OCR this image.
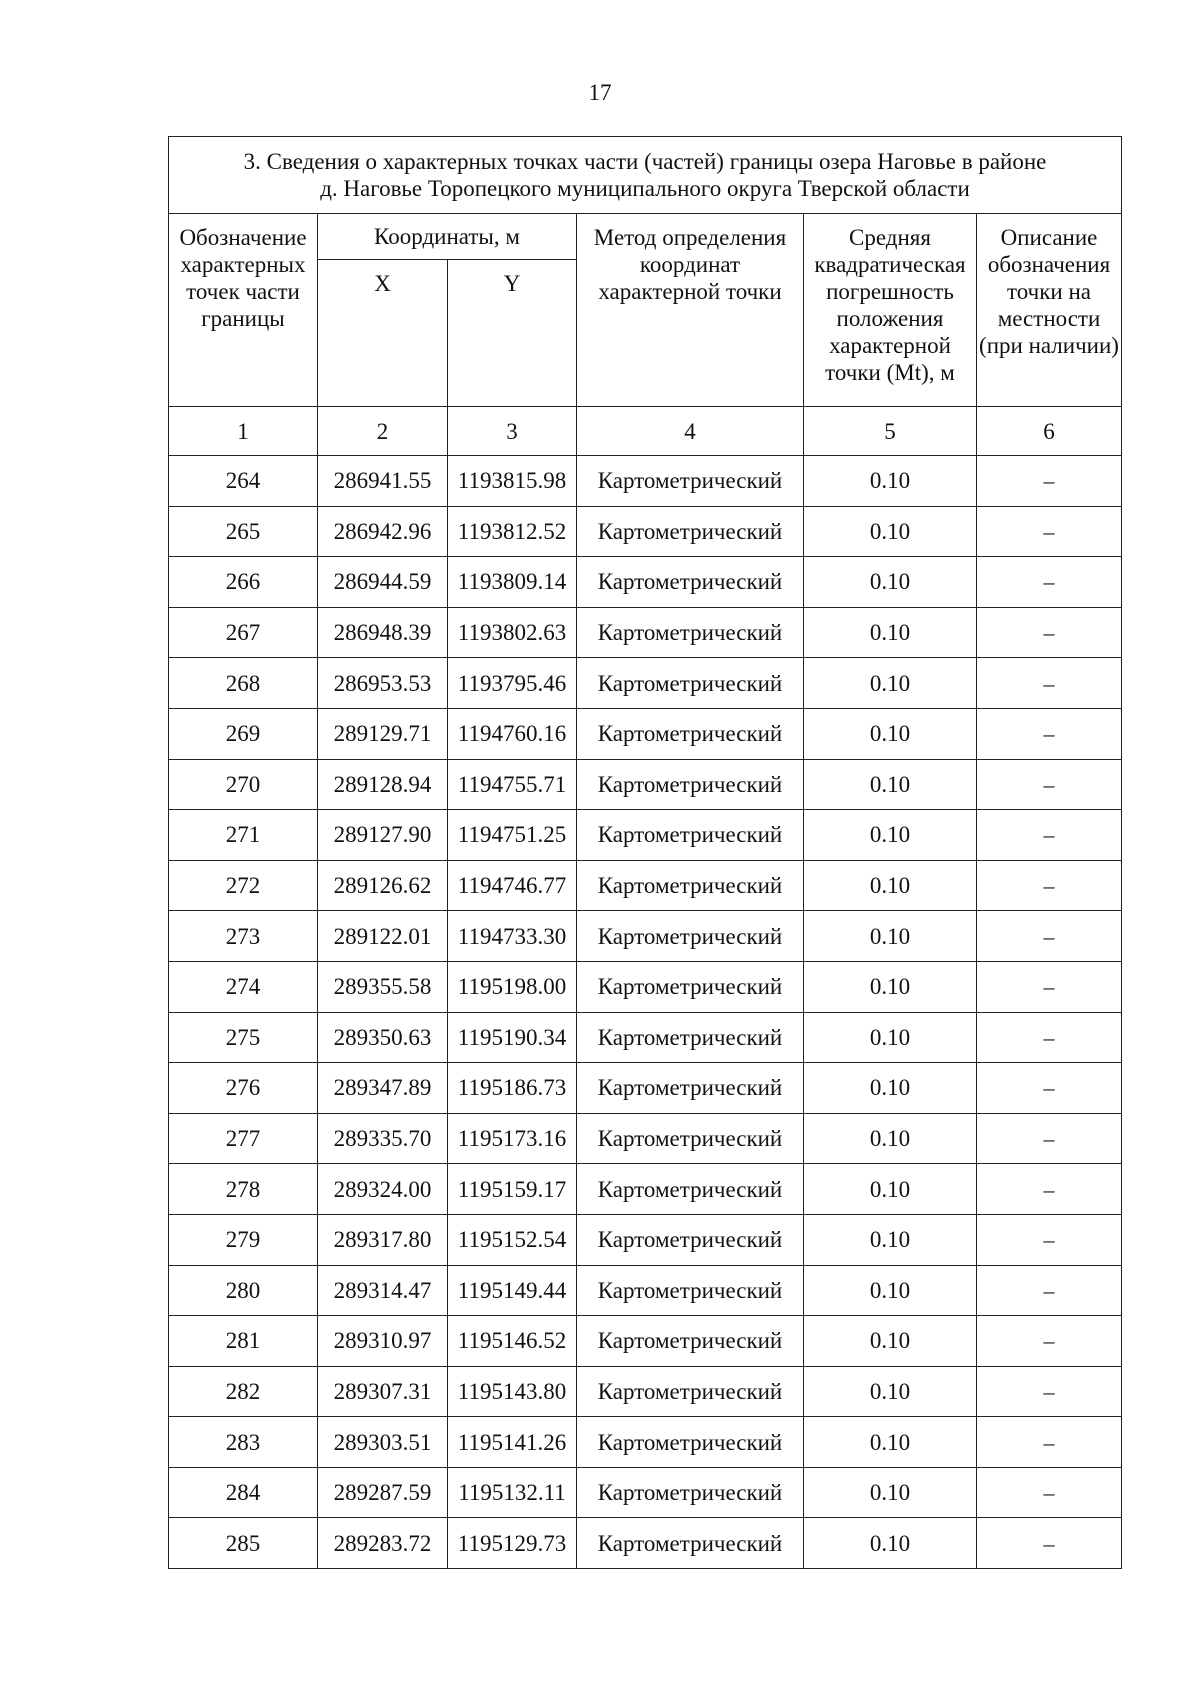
17
3. Сведения о характерных точках части (частей) границы озера Наговье в районе
д. Наговье Торопецкого муниципального округа Тверской области					

Обозначение характерных точек части границы	Координаты, м		Метод определения координат характерной точки	Средняя квадратическая погрешность положения характерной точки (Mt), м	Описание обозначения точки на местности (при наличии)
	X	Y			
1	2	3	4	5	6
264	286941.55	1193815.98	Картометрический	0.10	–
265	286942.96	1193812.52	Картометрический	0.10	–
266	286944.59	1193809.14	Картометрический	0.10	–
267	286948.39	1193802.63	Картометрический	0.10	–
268	286953.53	1193795.46	Картометрический	0.10	–
269	289129.71	1194760.16	Картометрический	0.10	–
270	289128.94	1194755.71	Картометрический	0.10	–
271	289127.90	1194751.25	Картометрический	0.10	–
272	289126.62	1194746.77	Картометрический	0.10	–
273	289122.01	1194733.30	Картометрический	0.10	–
274	289355.58	1195198.00	Картометрический	0.10	–
275	289350.63	1195190.34	Картометрический	0.10	–
276	289347.89	1195186.73	Картометрический	0.10	–
277	289335.70	1195173.16	Картометрический	0.10	–
278	289324.00	1195159.17	Картометрический	0.10	–
279	289317.80	1195152.54	Картометрический	0.10	–
280	289314.47	1195149.44	Картометрический	0.10	–
281	289310.97	1195146.52	Картометрический	0.10	–
282	289307.31	1195143.80	Картометрический	0.10	–
283	289303.51	1195141.26	Картометрический	0.10	–
284	289287.59	1195132.11	Картометрический	0.10	–
285	289283.72	1195129.73	Картометрический	0.10	–
